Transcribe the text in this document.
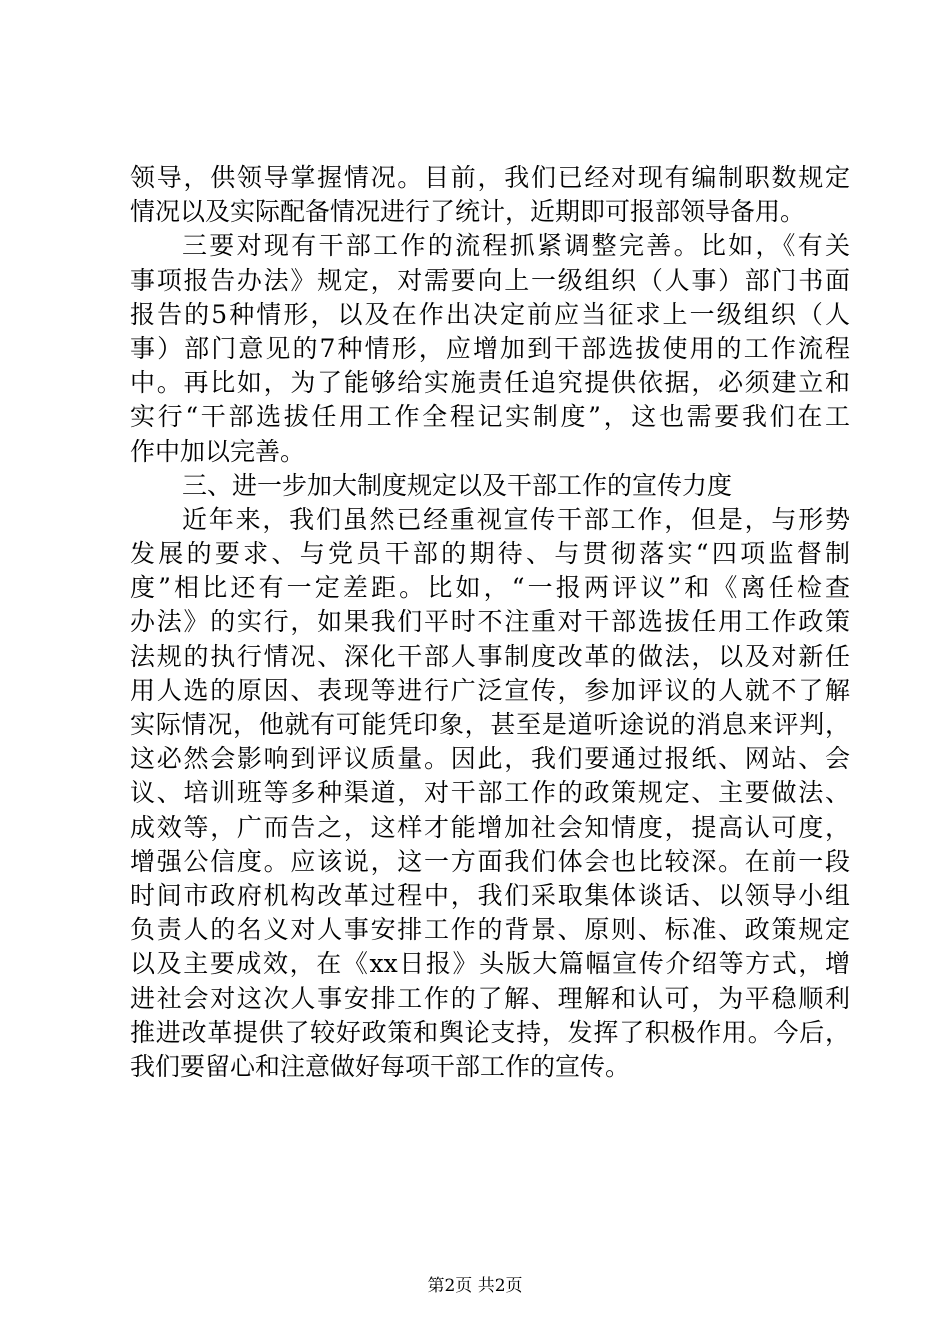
领导，供领导掌握情况。目前，我们已经对现有编制职数规定
情况以及实际配备情况进行了统计，近期即可报部领导备用。
三要对现有干部工作的流程抓紧调整完善。比如，《有关
事项报告办法》规定，对需要向上一级组织（人事）部门书面
报告的5种情形，以及在作出决定前应当征求上一级组织（人
事）部门意见的7种情形，应增加到干部选拔使用的工作流程
中。再比如，为了能够给实施责任追究提供依据，必须建立和
实行“干部选拔任用工作全程记实制度”，这也需要我们在工
作中加以完善。
三、进一步加大制度规定以及干部工作的宣传力度
近年来，我们虽然已经重视宣传干部工作，但是，与形势
发展的要求、与党员干部的期待、与贯彻落实“四项监督制
度”相比还有一定差距。比如，“一报两评议”和《离任检查
办法》的实行，如果我们平时不注重对干部选拔任用工作政策
法规的执行情况、深化干部人事制度改革的做法，以及对新任
用人选的原因、表现等进行广泛宣传，参加评议的人就不了解
实际情况，他就有可能凭印象，甚至是道听途说的消息来评判，
这必然会影响到评议质量。因此，我们要通过报纸、网站、会
议、培训班等多种渠道，对干部工作的政策规定、主要做法、
成效等，广而告之，这样才能增加社会知情度，提高认可度，
增强公信度。应该说，这一方面我们体会也比较深。在前一段
时间市政府机构改革过程中，我们采取集体谈话、以领导小组
负责人的名义对人事安排工作的背景、原则、标准、政策规定
以及主要成效，在《xx日报》头版大篇幅宣传介绍等方式，增
进社会对这次人事安排工作的了解、理解和认可，为平稳顺利
推进改革提供了较好政策和舆论支持，发挥了积极作用。今后，
我们要留心和注意做好每项干部工作的宣传。
第2页 共2页
